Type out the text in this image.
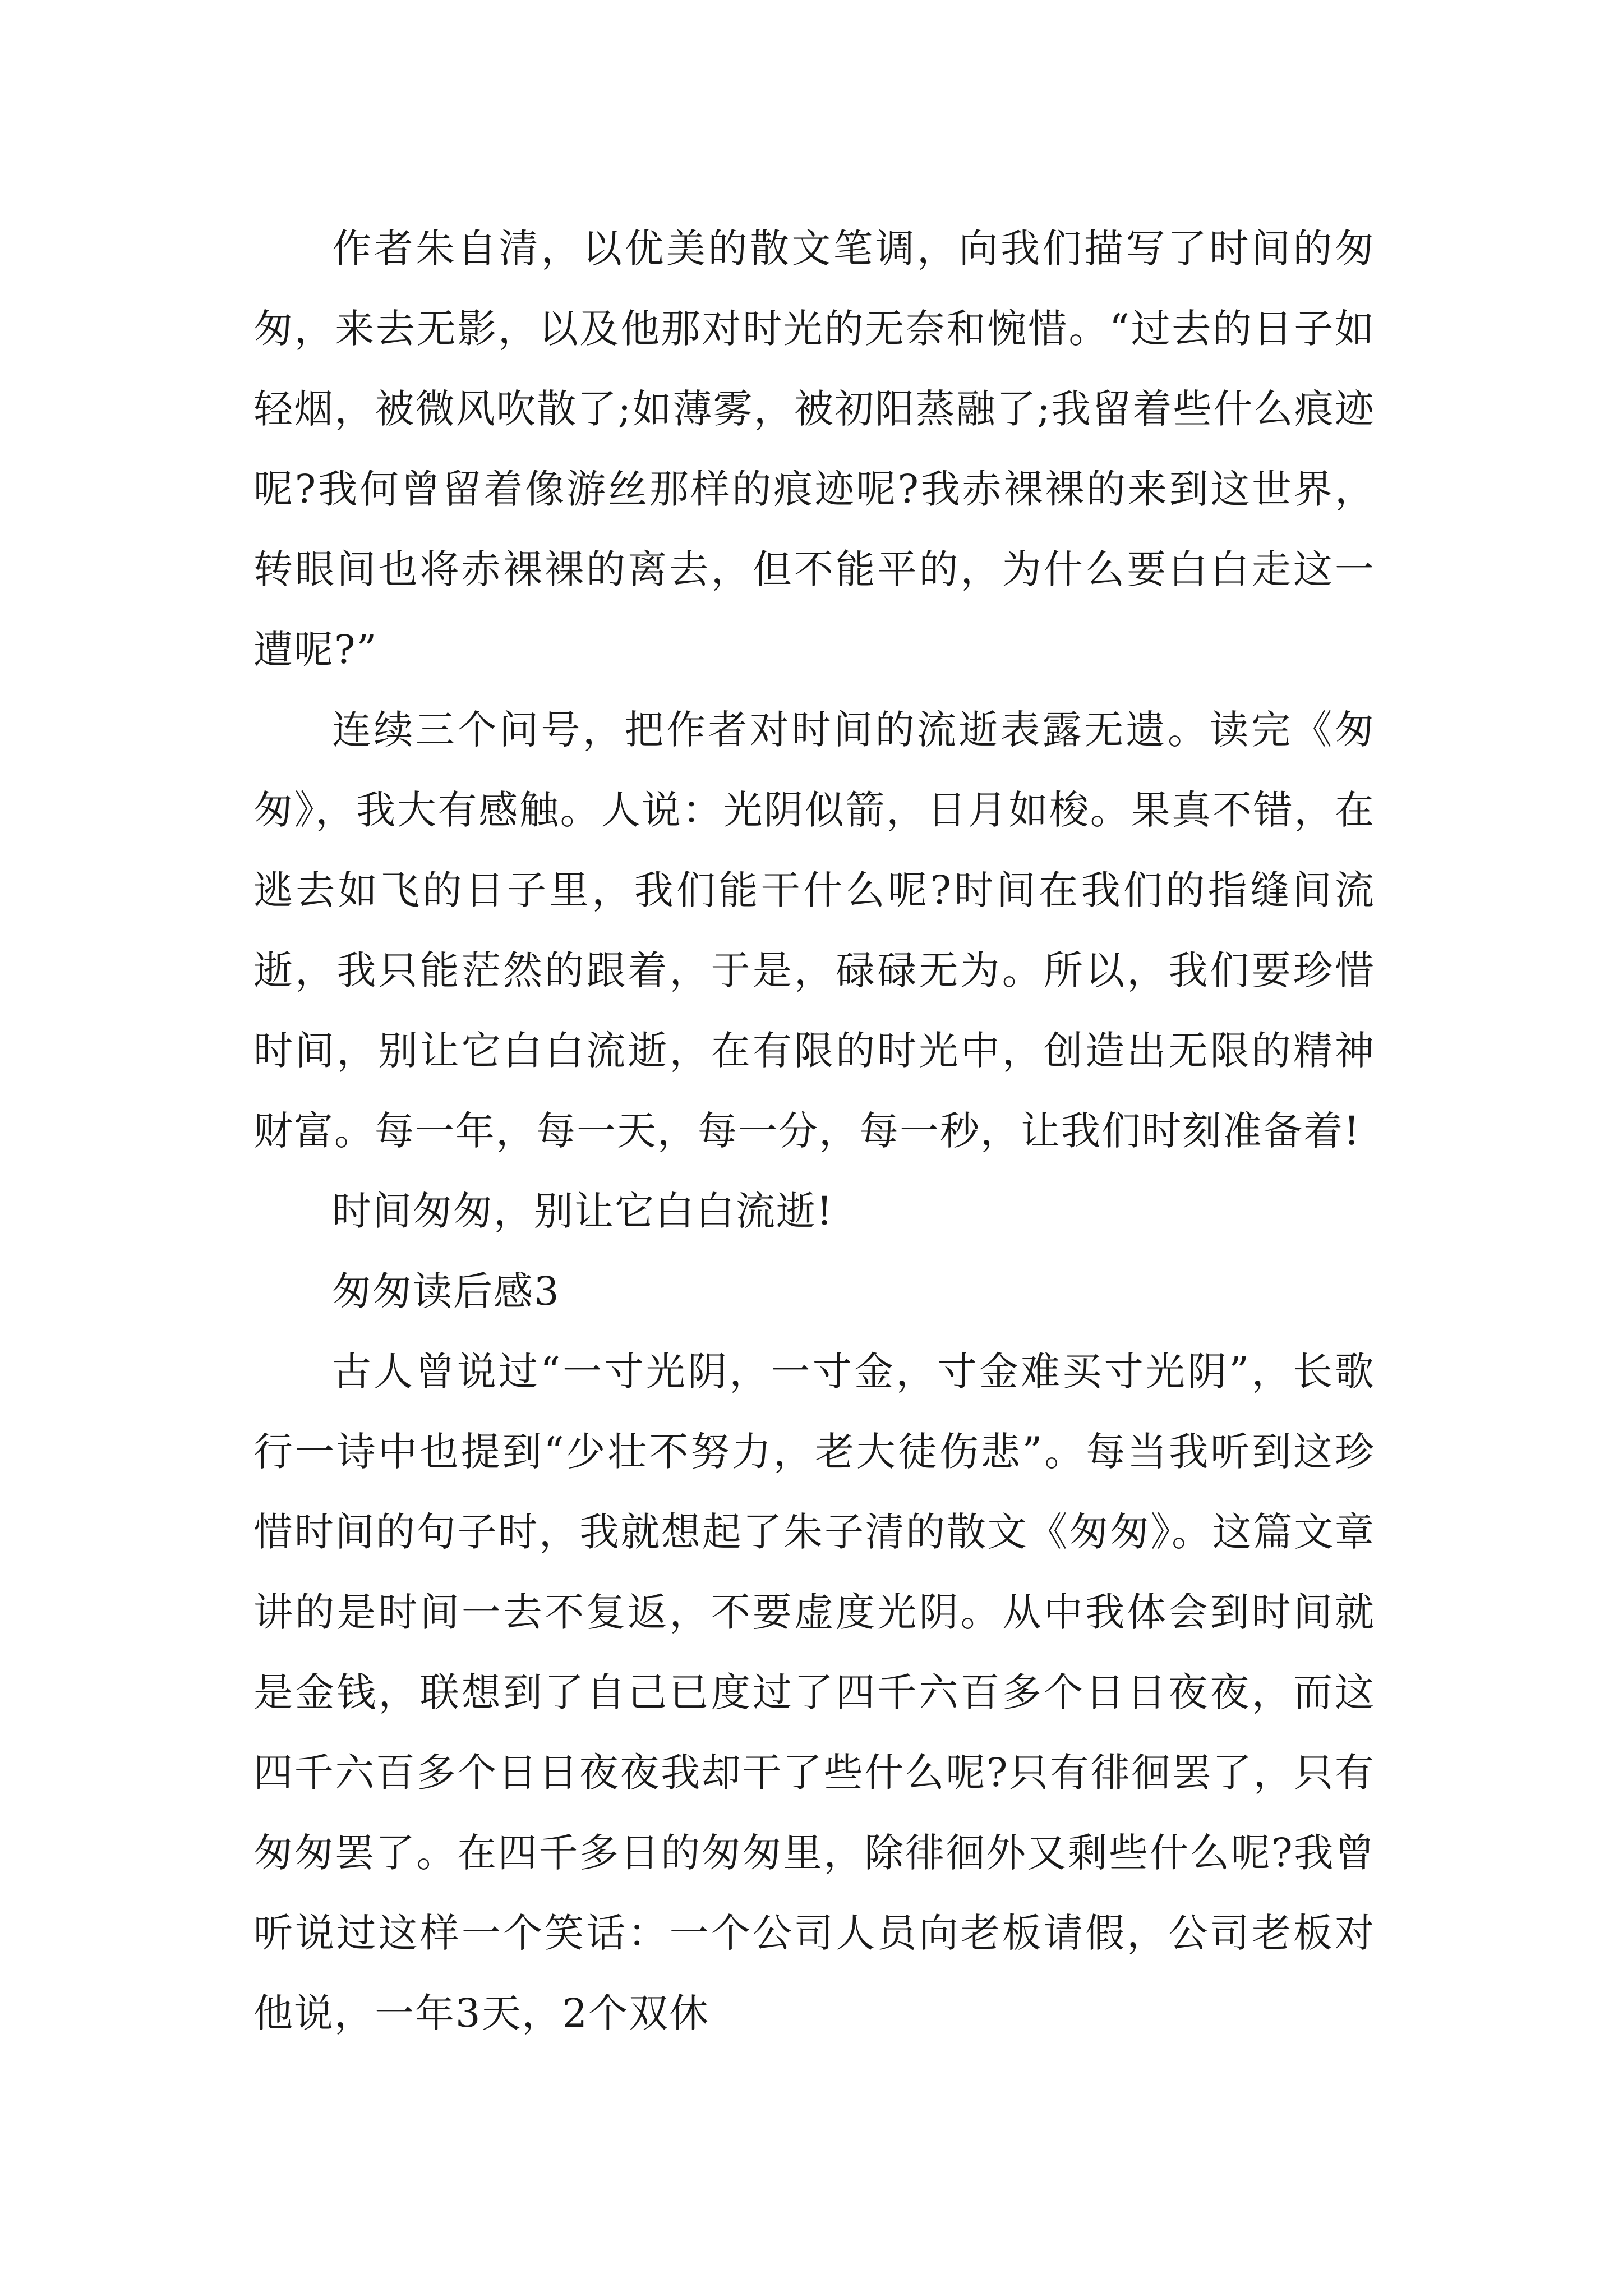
作者朱自清，以优美的散文笔调，向我们描写了时间的匆匆，来去无影，以及他那对时光的无奈和惋惜。“过去的日子如轻烟，被微风吹散了;如薄雾，被初阳蒸融了;我留着些什么痕迹呢?我何曾留着像游丝那样的痕迹呢?我赤裸裸的来到这世界，转眼间也将赤裸裸的离去，但不能平的，为什么要白白走这一遭呢?”

连续三个问号，把作者对时间的流逝表露无遗。读完《匆匆》，我大有感触。人说：光阴似箭，日月如梭。果真不错，在逃去如飞的日子里，我们能干什么呢?时间在我们的指缝间流逝，我只能茫然的跟着，于是，碌碌无为。所以，我们要珍惜时间，别让它白白流逝，在有限的时光中，创造出无限的精神财富。每一年，每一天，每一分，每一秒，让我们时刻准备着!

时间匆匆，别让它白白流逝!

匆匆读后感3

古人曾说过“一寸光阴，一寸金，寸金难买寸光阴”，长歌行一诗中也提到“少壮不努力，老大徒伤悲”。每当我听到这珍惜时间的句子时，我就想起了朱子清的散文《匆匆》。这篇文章讲的是时间一去不复返，不要虚度光阴。从中我体会到时间就是金钱，联想到了自己已度过了四千六百多个日日夜夜，而这四千六百多个日日夜夜我却干了些什么呢?只有徘徊罢了，只有匆匆罢了。在四千多日的匆匆里，除徘徊外又剩些什么呢?我曾听说过这样一个笑话：一个公司人员向老板请假，公司老板对他说，一年3天，2个双休
